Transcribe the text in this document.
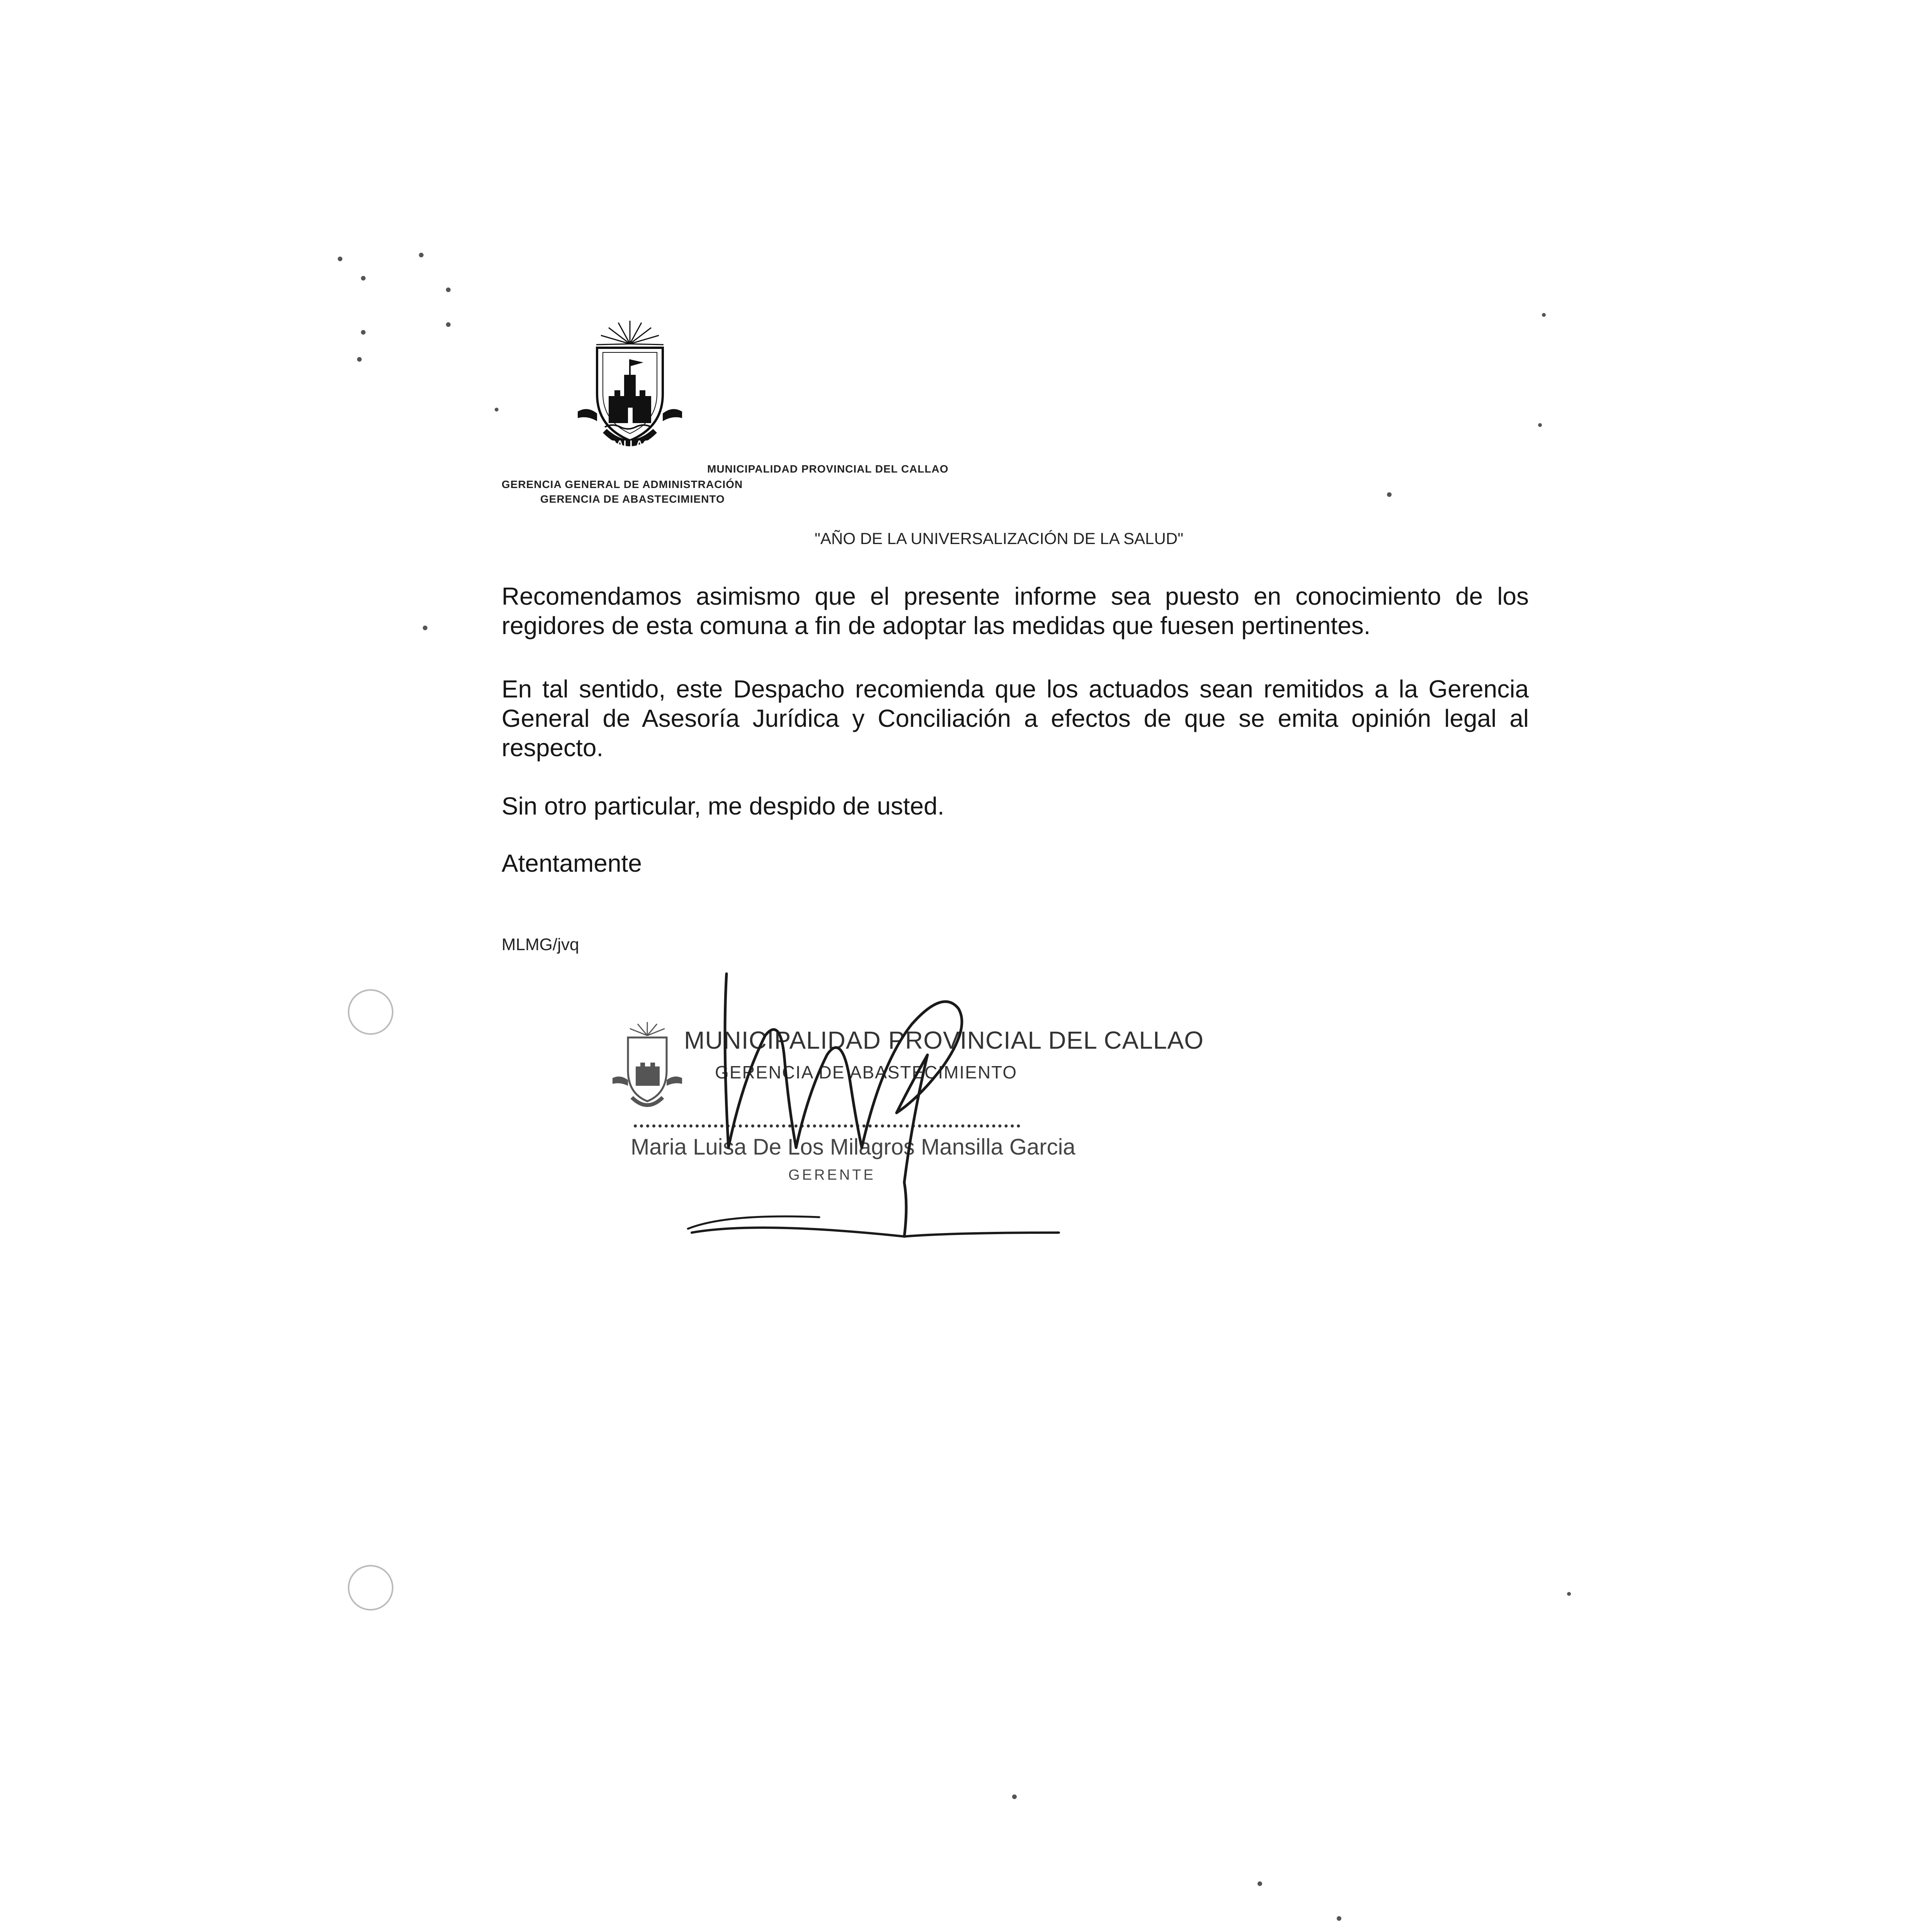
CALLAO
MUNICIPALIDAD PROVINCIAL DEL CALLAO
GERENCIA GENERAL DE ADMINISTRACIÓN
GERENCIA DE ABASTECIMIENTO
"AÑO DE LA UNIVERSALIZACIÓN DE LA SALUD"
Recomendamos asimismo que el presente informe sea puesto en conocimiento de los regidores de esta comuna a fin de adoptar las medidas que fuesen pertinentes.
En tal sentido, este Despacho recomienda que los actuados sean remitidos a la Gerencia General de Asesoría Jurídica y Conciliación a efectos de que se emita opinión legal al respecto.
Sin otro particular, me despido de usted.
Atentamente
MLMG/jvq
MUNICIPALIDAD PROVINCIAL DEL CALLAO
GERENCIA DE ABASTECIMIENTO
Maria Luisa De Los Milagros Mansilla Garcia
GERENTE
